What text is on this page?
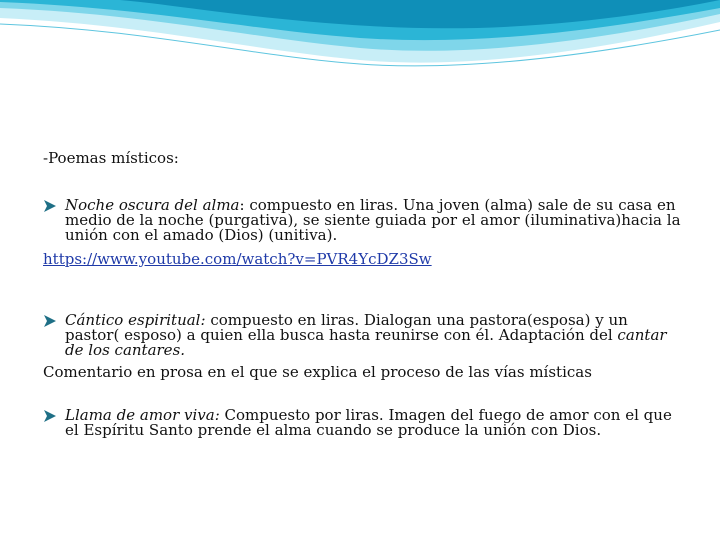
-Poemas místicos:

Noche oscura del alma: compuesto en liras. Una joven (alma) sale de su casa en medio de la noche (purgativa), se siente guiada por el amor (iluminativa)hacia la unión con el amado (Dios) (unitiva).

https://www.youtube.com/watch?v=PVR4YcDZ3Sw

Cántico espiritual: compuesto en liras. Dialogan una pastora(esposa) y un pastor( esposo) a quien ella busca hasta reunirse con él. Adaptación del cantar de los cantares.

Comentario en prosa en el que se explica el proceso de las vías místicas

Llama de amor viva: Compuesto por liras. Imagen del fuego de amor con el que el Espíritu Santo prende el alma cuando se produce la unión con Dios.
